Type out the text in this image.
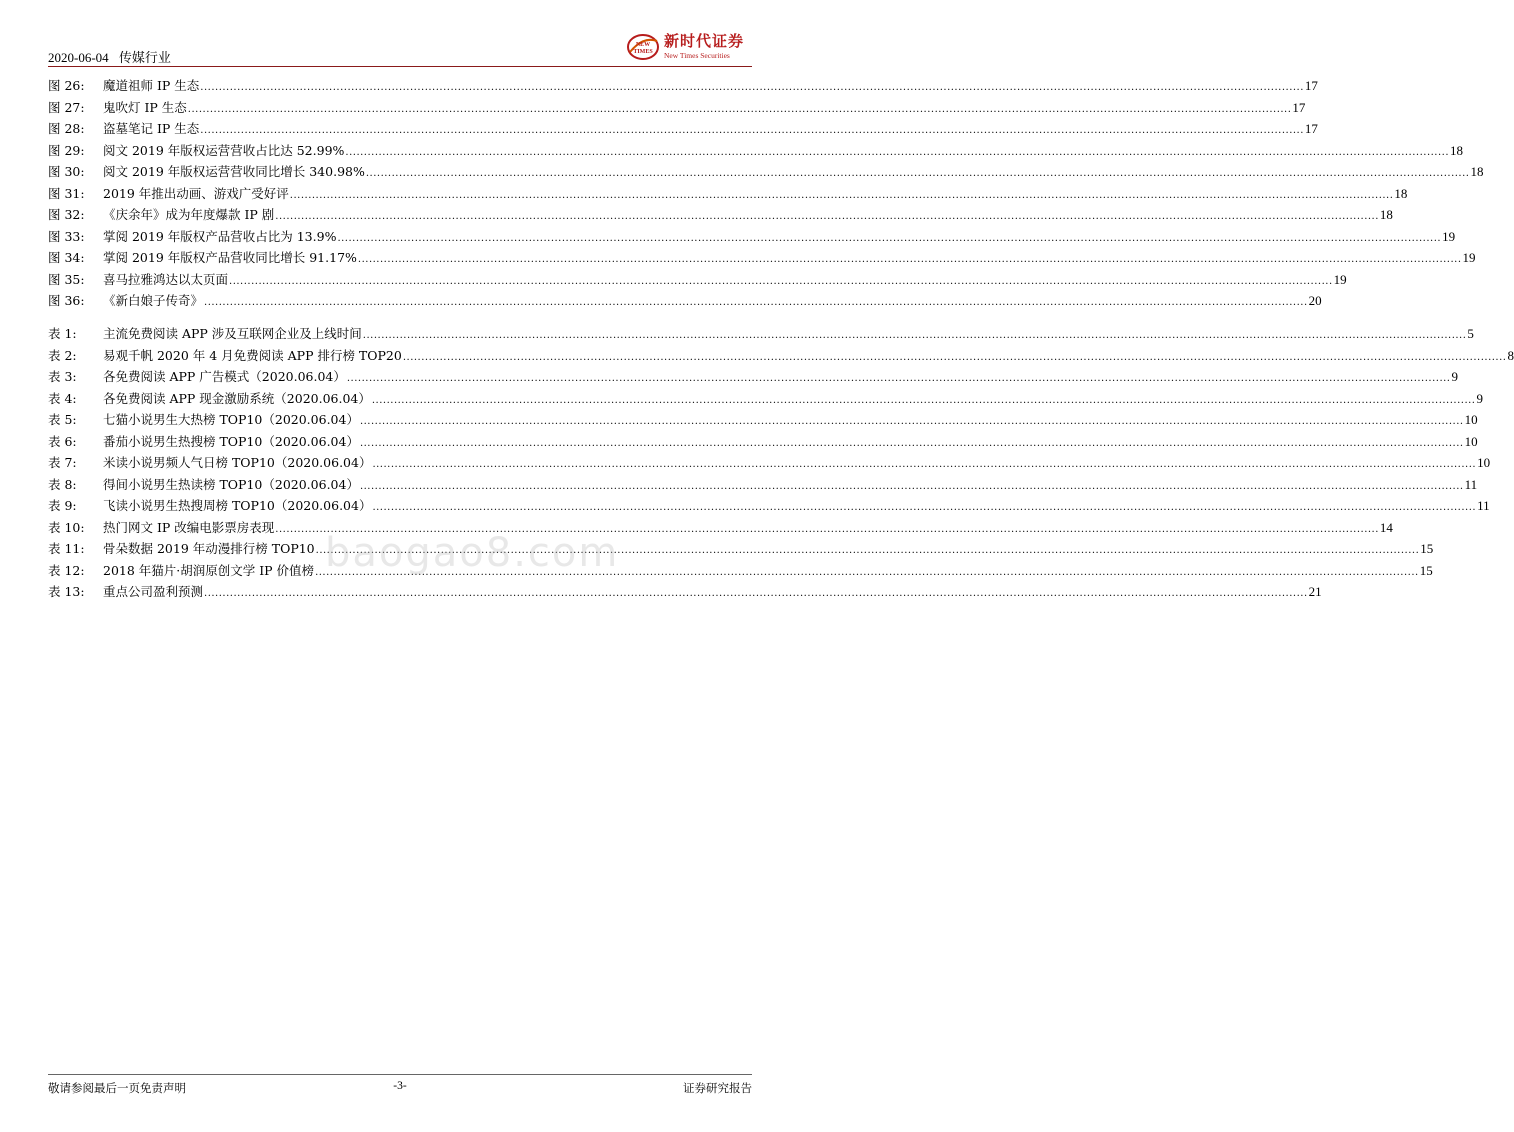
2020-06-04 传媒行业
NEW
TIMES
新时代证券
New Times Securities
图 26:	魔道祖师 IP 生态 ............................................................................................................................................................................................................................................................................................................ 17
图 27:	鬼吹灯 IP 生态 ............................................................................................................................................................................................................................................................................................................ 17
图 28:	盗墓笔记 IP 生态 ............................................................................................................................................................................................................................................................................................................ 17
图 29:	阅文 2019 年版权运营营收占比达 52.99% ............................................................................................................................................................................................................................................................................................................ 18
图 30:	阅文 2019 年版权运营营收同比增长 340.98% ............................................................................................................................................................................................................................................................................................................ 18
图 31:	2019 年推出动画、游戏广受好评 ............................................................................................................................................................................................................................................................................................................ 18
图 32:	《庆余年》成为年度爆款 IP 剧 ............................................................................................................................................................................................................................................................................................................ 18
图 33:	掌阅 2019 年版权产品营收占比为 13.9% ............................................................................................................................................................................................................................................................................................................ 19
图 34:	掌阅 2019 年版权产品营收同比增长 91.17% ............................................................................................................................................................................................................................................................................................................ 19
图 35:	喜马拉雅鸿达以太页面 ............................................................................................................................................................................................................................................................................................................ 19
图 36:	《新白娘子传奇》 ............................................................................................................................................................................................................................................................................................................ 20
表 1:	主流免费阅读 APP 涉及互联网企业及上线时间 ............................................................................................................................................................................................................................................................................................................ 5
表 2:	易观千帆 2020 年 4 月免费阅读 APP 排行榜 TOP20 ............................................................................................................................................................................................................................................................................................................ 8
表 3:	各免费阅读 APP 广告模式（2020.06.04） ............................................................................................................................................................................................................................................................................................................ 9
表 4:	各免费阅读 APP 现金激励系统（2020.06.04） ............................................................................................................................................................................................................................................................................................................ 9
表 5:	七猫小说男生大热榜 TOP10（2020.06.04） ............................................................................................................................................................................................................................................................................................................ 10
表 6:	番茄小说男生热搜榜 TOP10（2020.06.04） ............................................................................................................................................................................................................................................................................................................ 10
表 7:	米读小说男频人气日榜 TOP10（2020.06.04） ............................................................................................................................................................................................................................................................................................................ 10
表 8:	得间小说男生热读榜 TOP10（2020.06.04） ............................................................................................................................................................................................................................................................................................................ 11
表 9:	飞读小说男生热搜周榜 TOP10（2020.06.04） ............................................................................................................................................................................................................................................................................................................ 11
表 10:	热门网文 IP 改编电影票房表现 ............................................................................................................................................................................................................................................................................................................ 14
表 11:	骨朵数据 2019 年动漫排行榜 TOP10 ............................................................................................................................................................................................................................................................................................................ 15
表 12:	2018 年猫片·胡润原创文学 IP 价值榜 ............................................................................................................................................................................................................................................................................................................ 15
表 13:	重点公司盈利预测 ............................................................................................................................................................................................................................................................................................................ 21
baogao8.com
敬请参阅最后一页免责声明	-3-	证券研究报告
